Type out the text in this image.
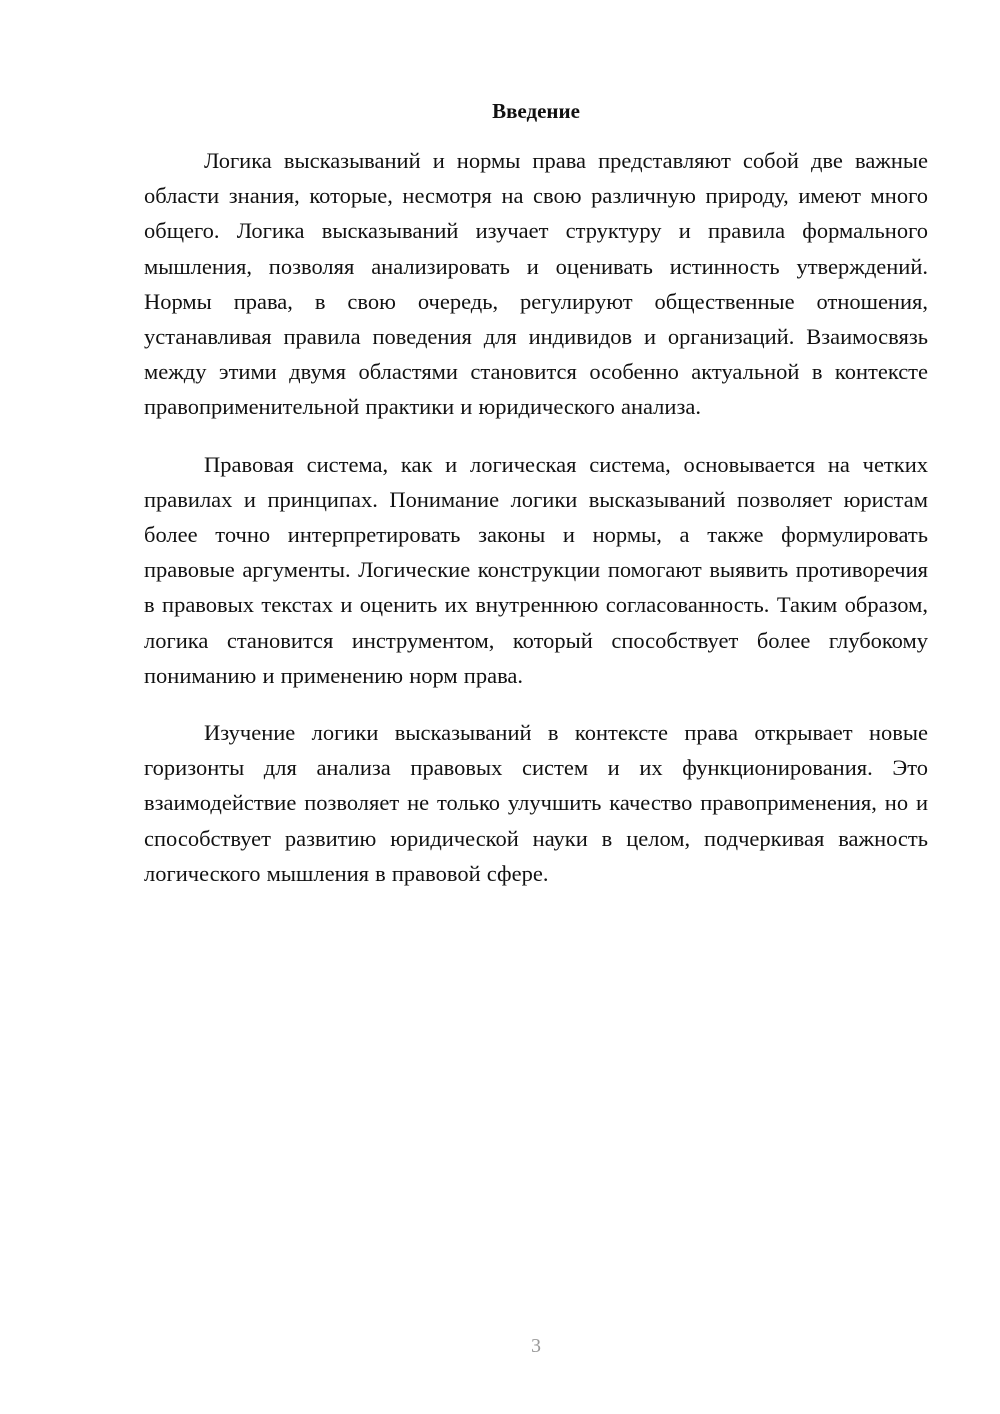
Введение

Логика высказываний и нормы права представляют собой две важные области знания, которые, несмотря на свою различную природу, имеют много общего. Логика высказываний изучает структуру и правила формального мышления, позволяя анализировать и оценивать истинность утверждений. Нормы права, в свою очередь, регулируют общественные отношения, устанавливая правила поведения для индивидов и организаций. Взаимосвязь между этими двумя областями становится особенно актуальной в контексте правоприменительной практики и юридического анализа.

Правовая система, как и логическая система, основывается на четких правилах и принципах. Понимание логики высказываний позволяет юристам более точно интерпретировать законы и нормы, а также формулировать правовые аргументы. Логические конструкции помогают выявить противоречия в правовых текстах и оценить их внутреннюю согласованность. Таким образом, логика становится инструментом, который способствует более глубокому пониманию и применению норм права.

Изучение логики высказываний в контексте права открывает новые горизонты для анализа правовых систем и их функционирования. Это взаимодействие позволяет не только улучшить качество правоприменения, но и способствует развитию юридической науки в целом, подчеркивая важность логического мышления в правовой сфере.

3
